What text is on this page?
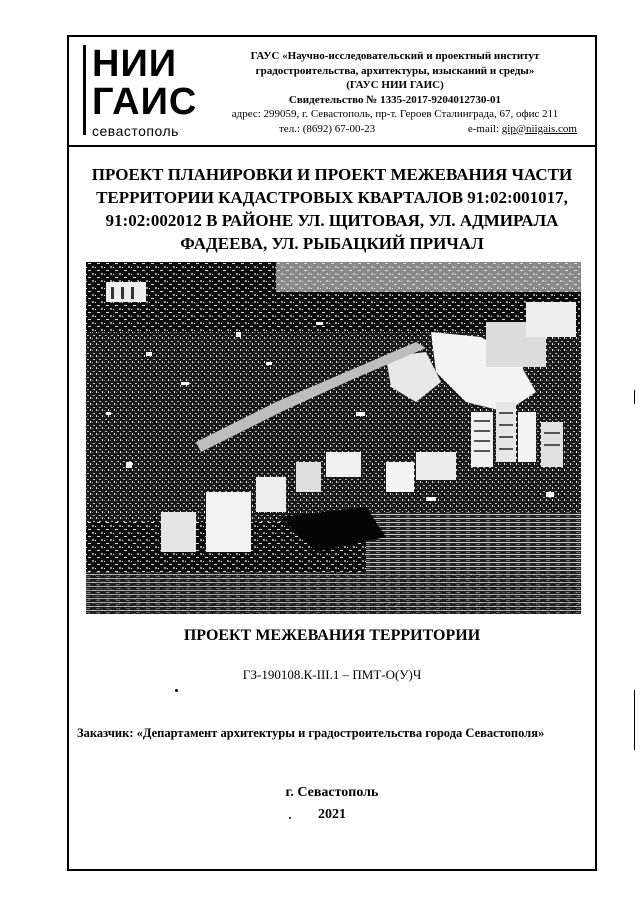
НИИ
ГАИС
севастополь
ГАУС «Научно-исследовательский и проектный институт
градостроительства, архитектуры, изысканий и среды»
(ГАУС НИИ ГАИС)
Свидетельство № 1335-2017-9204012730-01
адрес: 299059, г. Севастополь, пр-т. Героев Сталинграда, 67, офис 211
тел.: (8692) 67-00-23	e-mail: gip@niigais.com
ПРОЕКТ ПЛАНИРОВКИ И ПРОЕКТ МЕЖЕВАНИЯ ЧАСТИ
ТЕРРИТОРИИ КАДАСТРОВЫХ КВАРТАЛОВ 91:02:001017,
91:02:002012 В РАЙОНЕ УЛ. ЩИТОВАЯ, УЛ. АДМИРАЛА
ФАДЕЕВА, УЛ. РЫБАЦКИЙ ПРИЧАЛ
ПРОЕКТ МЕЖЕВАНИЯ ТЕРРИТОРИИ
ГЗ-190108.К-III.1 – ПМТ-О(У)Ч
Заказчик: «Департамент архитектуры и градостроительства города Севастополя»
г. Севастополь
2021
